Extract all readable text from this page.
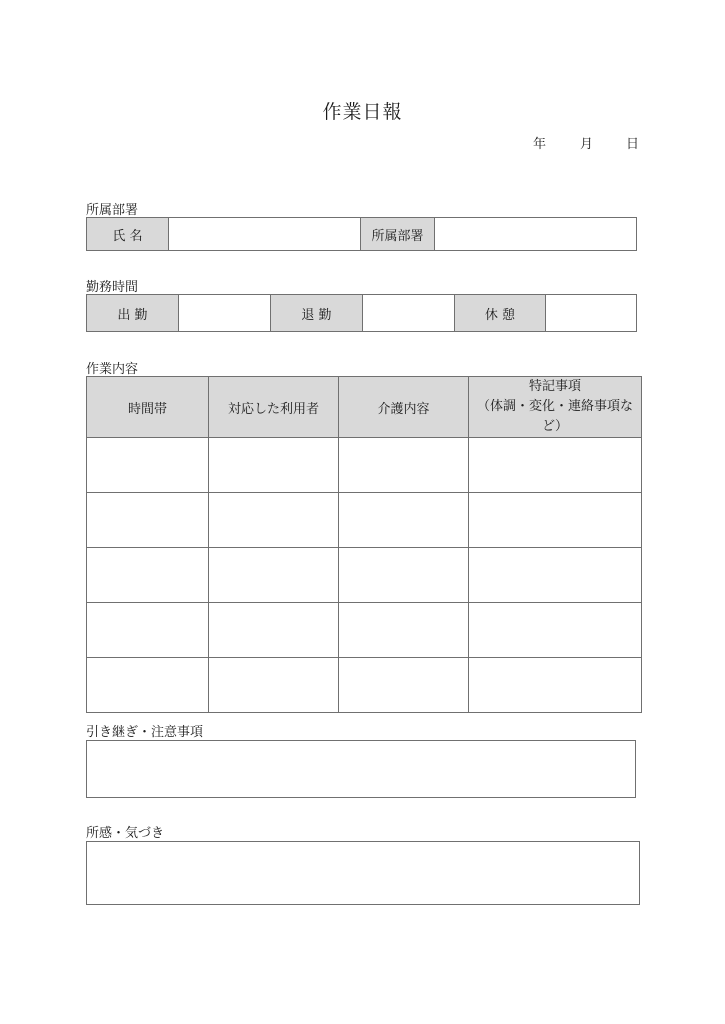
作業日報
年	月	日
所属部署
氏 名		所属部署	
勤務時間
出 勤		退 勤		休 憩	
作業内容
時間帯	対応した利用者	介護内容	特記事項
（体調・変化・連絡事項など）

引き継ぎ・注意事項
所感・気づき
